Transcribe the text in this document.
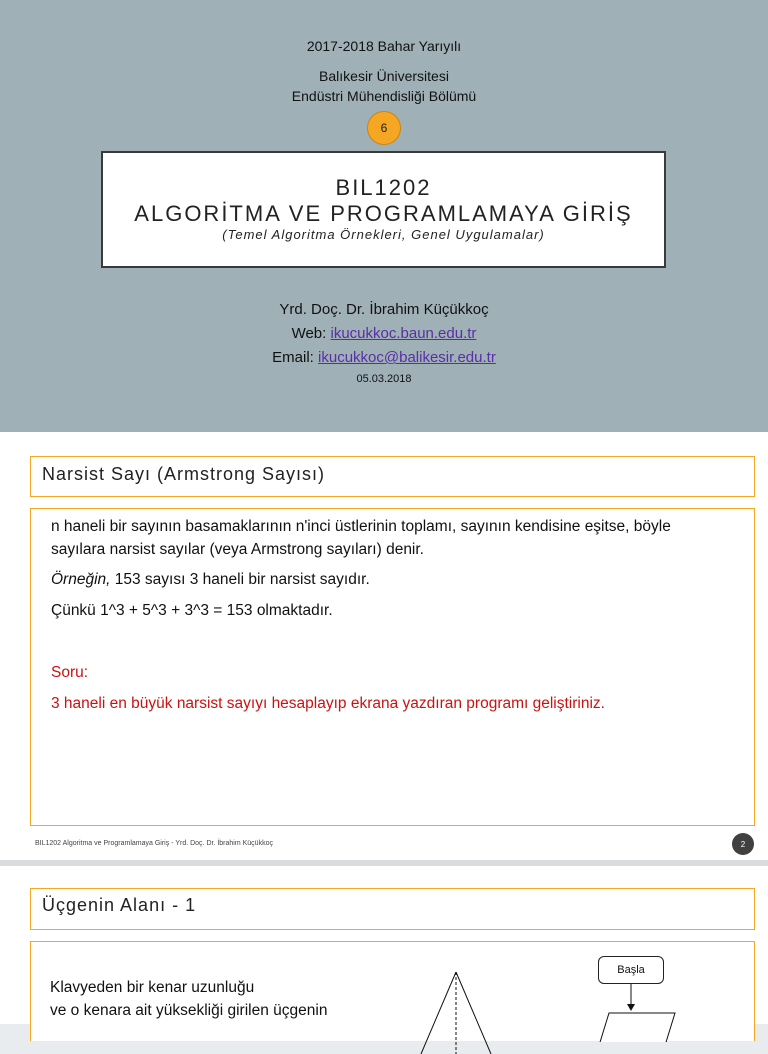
2017-2018 Bahar Yarıyılı
Balıkesir Üniversitesi
Endüstri Mühendisliği Bölümü
6
BIL1202
ALGORİTMA VE PROGRAMLAMAYA GİRİŞ
(Temel Algoritma Örnekleri, Genel Uygulamalar)
Yrd. Doç. Dr. İbrahim Küçükkoç
Web: ikucukkoc.baun.edu.tr
Email: ikucukkoc@balikesir.edu.tr
05.03.2018
Narsist Sayı (Armstrong Sayısı)
n haneli bir sayının basamaklarının n'inci üstlerinin toplamı, sayının kendisine eşitse, böyle
sayılara narsist sayılar (veya Armstrong sayıları) denir.
Örneğin, 153 sayısı 3 haneli bir narsist sayıdır.
Çünkü 1^3 + 5^3 + 3^3 = 153 olmaktadır.
Soru:
3 haneli en büyük narsist sayıyı hesaplayıp ekrana yazdıran programı geliştiriniz.
BIL1202 Algoritma ve Programlamaya Giriş - Yrd. Doç. Dr. İbrahim Küçükkoç	2
Üçgenin Alanı - 1
Klavyeden bir kenar uzunluğu
ve o kenara ait yüksekliği girilen üçgenin
Başla
